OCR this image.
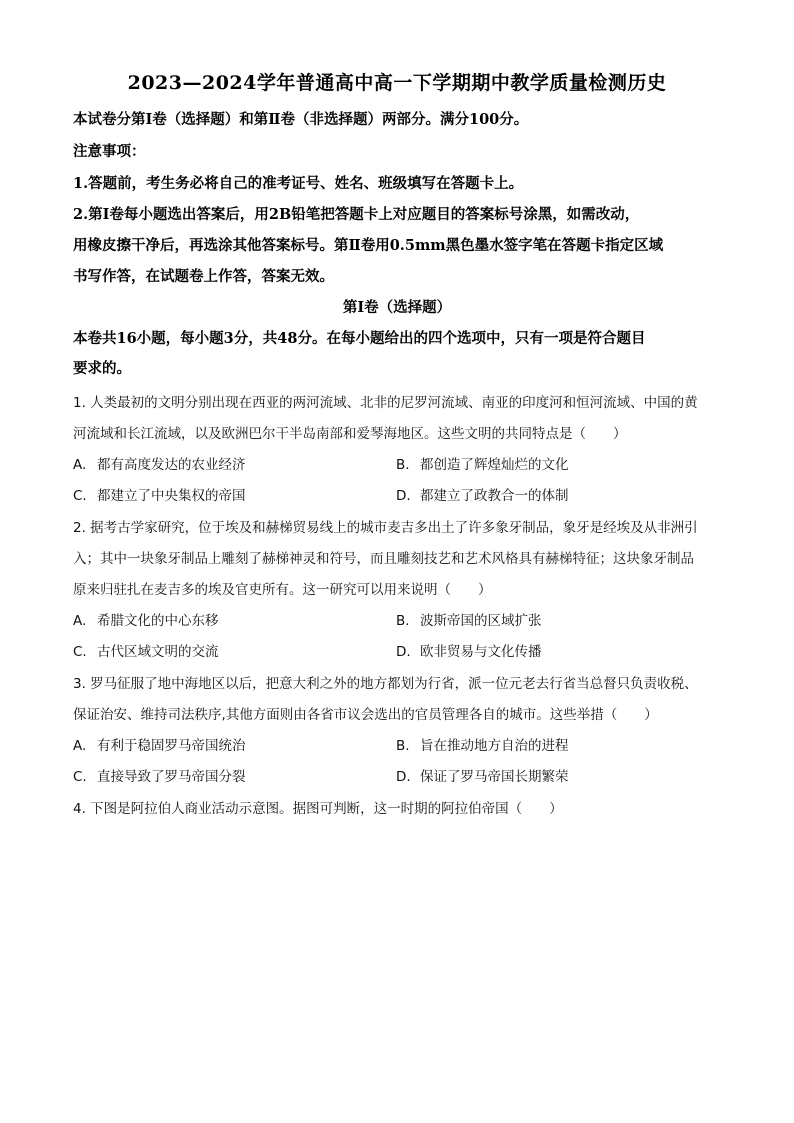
2023—2024学年普通高中高一下学期期中教学质量检测历史
本试卷分第Ⅰ卷（选择题）和第Ⅱ卷（非选择题）两部分。满分100分。
注意事项：
1.答题前，考生务必将自己的准考证号、姓名、班级填写在答题卡上。
2.第Ⅰ卷每小题选出答案后，用2B铅笔把答题卡上对应题目的答案标号涂黑，如需改动，
用橡皮擦干净后，再选涂其他答案标号。第Ⅱ卷用0.5mm黑色墨水签字笔在答题卡指定区域
书写作答，在试题卷上作答，答案无效。
第Ⅰ卷（选择题）
本卷共16小题，每小题3分，共48分。在每小题给出的四个选项中，只有一项是符合题目
要求的。
1. 人类最初的文明分别出现在西亚的两河流域、北非的尼罗河流域、南亚的印度河和恒河流域、中国的黄
河流域和长江流域，以及欧洲巴尔干半岛南部和爱琴海地区。这些文明的共同特点是（　　）
A. 都有高度发达的农业经济	B. 都创造了辉煌灿烂的文化
C. 都建立了中央集权的帝国	D. 都建立了政教合一的体制
2. 据考古学家研究，位于埃及和赫梯贸易线上的城市麦吉多出土了许多象牙制品，象牙是经埃及从非洲引
入；其中一块象牙制品上雕刻了赫梯神灵和符号，而且雕刻技艺和艺术风格具有赫梯特征；这块象牙制品
原来归驻扎在麦吉多的埃及官吏所有。这一研究可以用来说明（　　）
A. 希腊文化的中心东移	B. 波斯帝国的区域扩张
C. 古代区域文明的交流	D. 欧非贸易与文化传播
3. 罗马征服了地中海地区以后，把意大利之外的地方都划为行省，派一位元老去行省当总督只负责收税、
保证治安、维持司法秩序,其他方面则由各省市议会选出的官员管理各自的城市。这些举措（　　）
A. 有利于稳固罗马帝国统治	B. 旨在推动地方自治的进程
C. 直接导致了罗马帝国分裂	D. 保证了罗马帝国长期繁荣
4. 下图是阿拉伯人商业活动示意图。据图可判断，这一时期的阿拉伯帝国（　　）
